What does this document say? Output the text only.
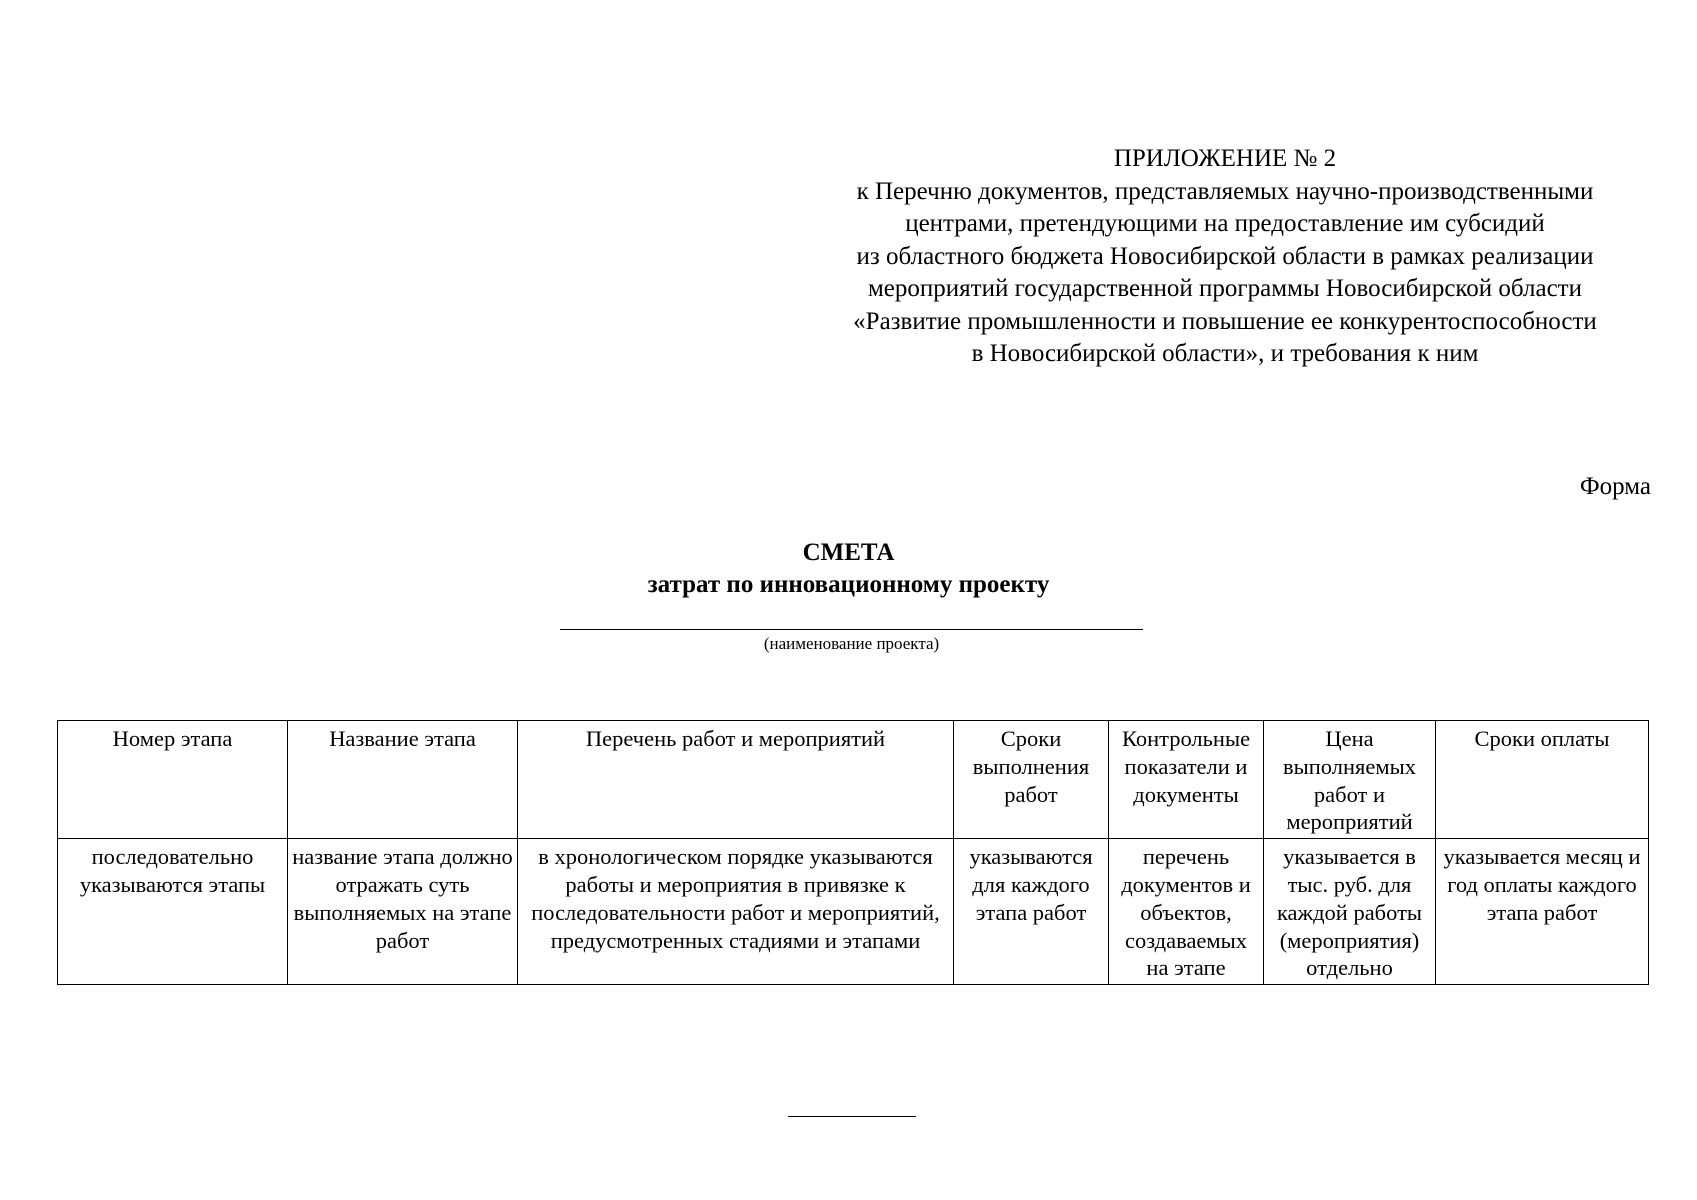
ПРИЛОЖЕНИЕ № 2
к Перечню документов, представляемых научно-производственными
центрами, претендующими на предоставление им субсидий
из областного бюджета Новосибирской области в рамках реализации
мероприятий государственной программы Новосибирской области
«Развитие промышленности и повышение ее конкурентоспособности
в Новосибирской области», и требования к ним
Форма
СМЕТА
затрат по инновационному проекту
(наименование проекта)
Номер этапа	Название этапа	Перечень работ и мероприятий	Сроки выполнения работ	Контрольные показатели и документы	Цена выполняемых работ и мероприятий	Сроки оплаты
последовательно указываются этапы	название этапа должно отражать суть выполняемых на этапе работ	в хронологическом порядке указываются работы и мероприятия в привязке к последовательности работ и мероприятий, предусмотренных стадиями и этапами	указываются для каждого этапа работ	перечень документов и объектов, создаваемых на этапе	указывается в тыс. руб. для каждой работы (мероприятия) отдельно	указывается месяц и год оплаты каждого этапа работ
